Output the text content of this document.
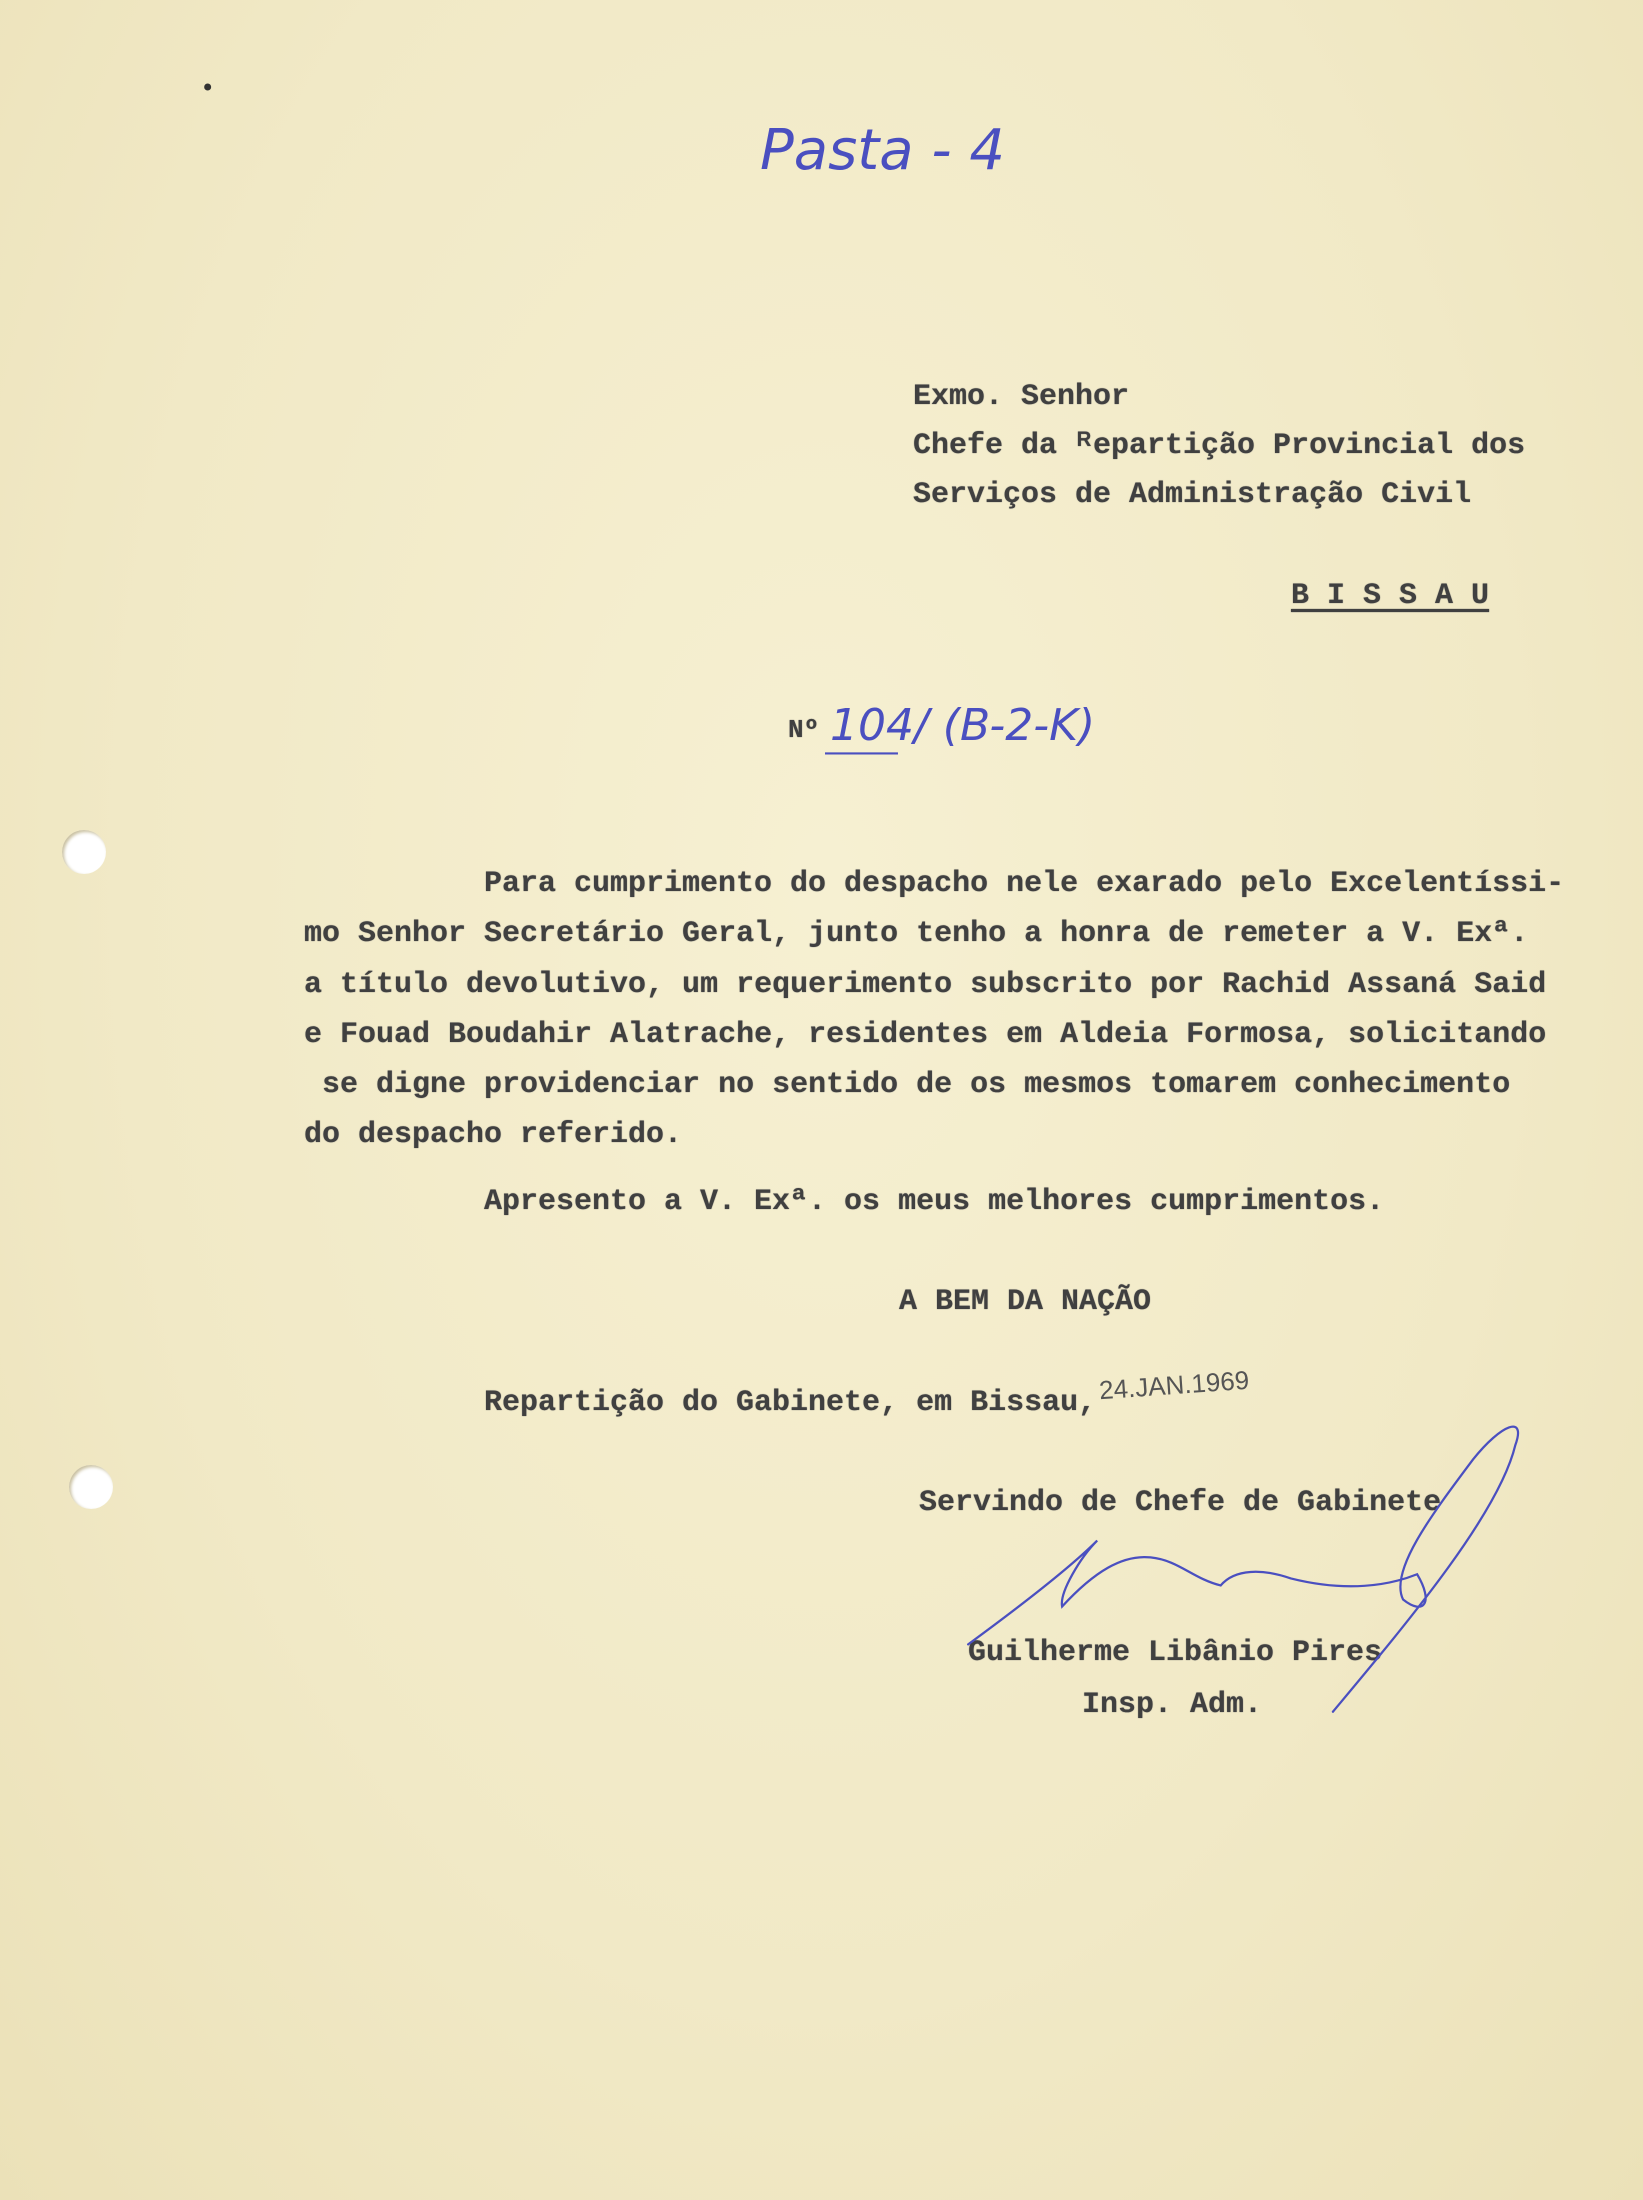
Pasta - 4
Exmo. Senhor
Chefe da ᴿepartição Provincial dos
Serviços de Administração Civil
B I S S A U
Nº 104/ (B-2-K)
Para cumprimento do despacho nele exarado pelo Excelentíssi-
mo Senhor Secretário Geral, junto tenho a honra de remeter a V. Exª.
a título devolutivo, um requerimento subscrito por Rachid Assaná Said
e Fouad Boudahir Alatrache, residentes em Aldeia Formosa, solicitando
se digne providenciar no sentido de os mesmos tomarem conhecimento
do despacho referido.
Apresento a V. Exª. os meus melhores cumprimentos.
A BEM DA NAÇÃO
Repartição do Gabinete, em Bissau, 24.JAN.1969
Servindo de Chefe de Gabinete
Guilherme Libânio Pires
Insp. Adm.
